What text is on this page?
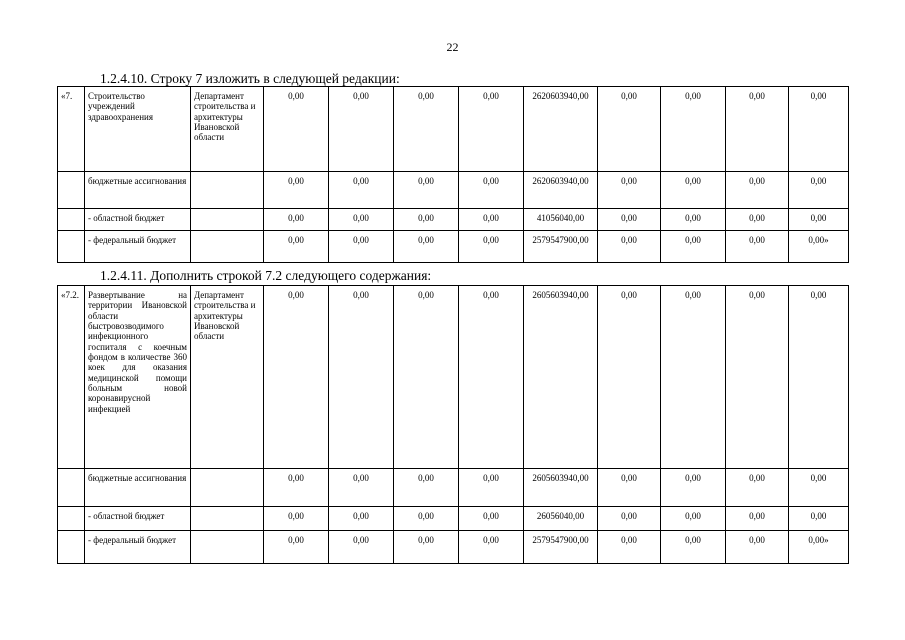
22
1.2.4.10. Строку 7 изложить в следующей редакции:
«7.	Строительство учреждений здравоохранения	Департамент строительства и архитектуры Ивановской области	0,00	0,00	0,00	0,00	2620603940,00	0,00	0,00	0,00	0,00
	бюджетные ассигнования		0,00	0,00	0,00	0,00	2620603940,00	0,00	0,00	0,00	0,00
	- областной бюджет		0,00	0,00	0,00	0,00	41056040,00	0,00	0,00	0,00	0,00
	- федеральный бюджет		0,00	0,00	0,00	0,00	2579547900,00	0,00	0,00	0,00	0,00»
1.2.4.11. Дополнить строкой 7.2 следующего содержания:
«7.2.	Развертывание на территории Ивановской области быстровозводимого инфекционного госпиталя с коечным фондом в количестве 360 коек для оказания медицинской помощи больным новой коронавирусной инфекцией	Департамент строительства и архитектуры Ивановской области	0,00	0,00	0,00	0,00	2605603940,00	0,00	0,00	0,00	0,00
	бюджетные ассигнования		0,00	0,00	0,00	0,00	2605603940,00	0,00	0,00	0,00	0,00
	- областной бюджет		0,00	0,00	0,00	0,00	26056040,00	0,00	0,00	0,00	0,00
	- федеральный бюджет		0,00	0,00	0,00	0,00	2579547900,00	0,00	0,00	0,00	0,00»
